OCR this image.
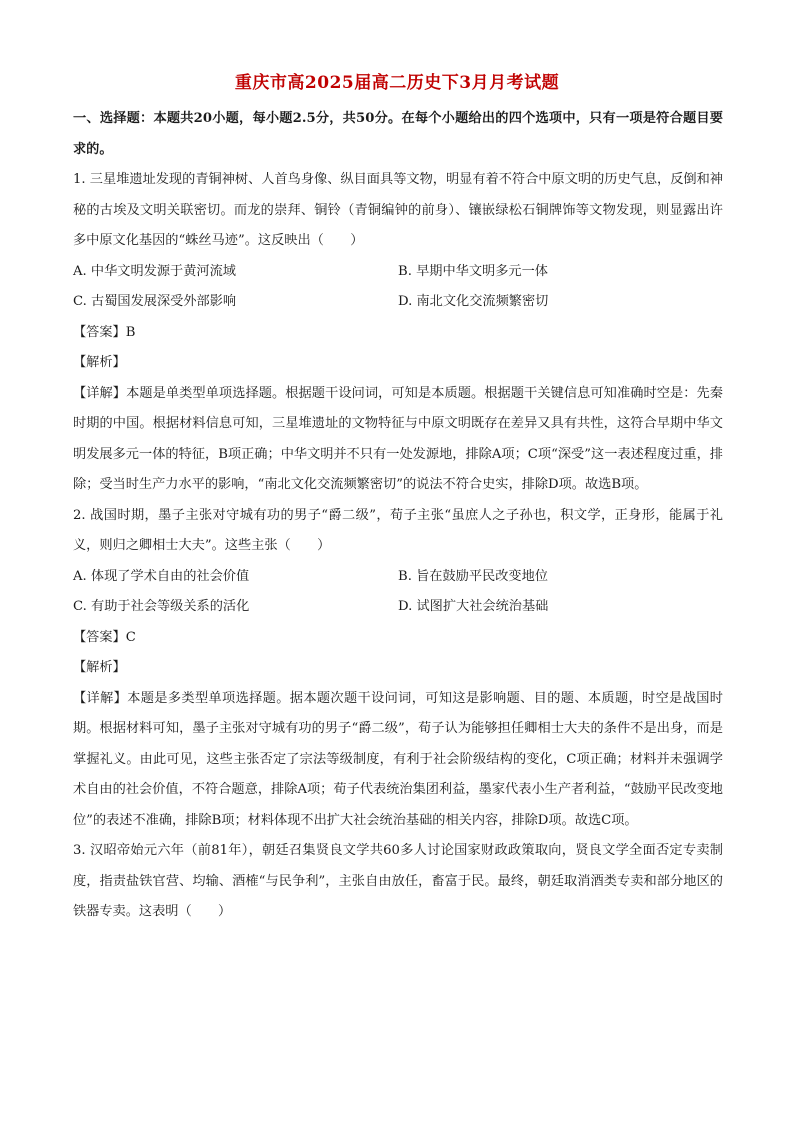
重庆市高2025届高二历史下3月月考试题
一、选择题：本题共20小题，每小题2.5分，共50分。在每个小题给出的四个选项中，只有一项是符合题目要求的。
1. 三星堆遗址发现的青铜神树、人首鸟身像、纵目面具等文物，明显有着不符合中原文明的历史气息，反倒和神秘的古埃及文明关联密切。而龙的崇拜、铜铃（青铜编钟的前身）、镶嵌绿松石铜牌饰等文物发现，则显露出许多中原文化基因的“蛛丝马迹”。这反映出（　　）
A. 中华文明发源于黄河流域	B. 早期中华文明多元一体
C. 古蜀国发展深受外部影响	D. 南北文化交流频繁密切
【答案】B
【解析】
【详解】本题是单类型单项选择题。根据题干设问词，可知是本质题。根据题干关键信息可知准确时空是：先秦时期的中国。根据材料信息可知，三星堆遗址的文物特征与中原文明既存在差异又具有共性，这符合早期中华文明发展多元一体的特征，B项正确；中华文明并不只有一处发源地，排除A项；C项“深受”这一表述程度过重，排除；受当时生产力水平的影响，“南北文化交流频繁密切”的说法不符合史实，排除D项。故选B项。
2. 战国时期，墨子主张对守城有功的男子“爵二级”，荀子主张“虽庶人之子孙也，积文学，正身形，能属于礼义，则归之卿相士大夫”。这些主张（　　）
A. 体现了学术自由的社会价值	B. 旨在鼓励平民改变地位
C. 有助于社会等级关系的活化	D. 试图扩大社会统治基础
【答案】C
【解析】
【详解】本题是多类型单项选择题。据本题次题干设问词，可知这是影响题、目的题、本质题，时空是战国时期。根据材料可知，墨子主张对守城有功的男子“爵二级”，荀子认为能够担任卿相士大夫的条件不是出身，而是掌握礼义。由此可见，这些主张否定了宗法等级制度，有利于社会阶级结构的变化，C项正确；材料并未强调学术自由的社会价值，不符合题意，排除A项；荀子代表统治集团利益，墨家代表小生产者利益，“鼓励平民改变地位”的表述不准确，排除B项；材料体现不出扩大社会统治基础的相关内容，排除D项。故选C项。
3. 汉昭帝始元六年（前81年），朝廷召集贤良文学共60多人讨论国家财政政策取向，贤良文学全面否定专卖制度，指责盐铁官营、均输、酒榷“与民争利”，主张自由放任，畜富于民。最终，朝廷取消酒类专卖和部分地区的铁器专卖。这表明（　　）
